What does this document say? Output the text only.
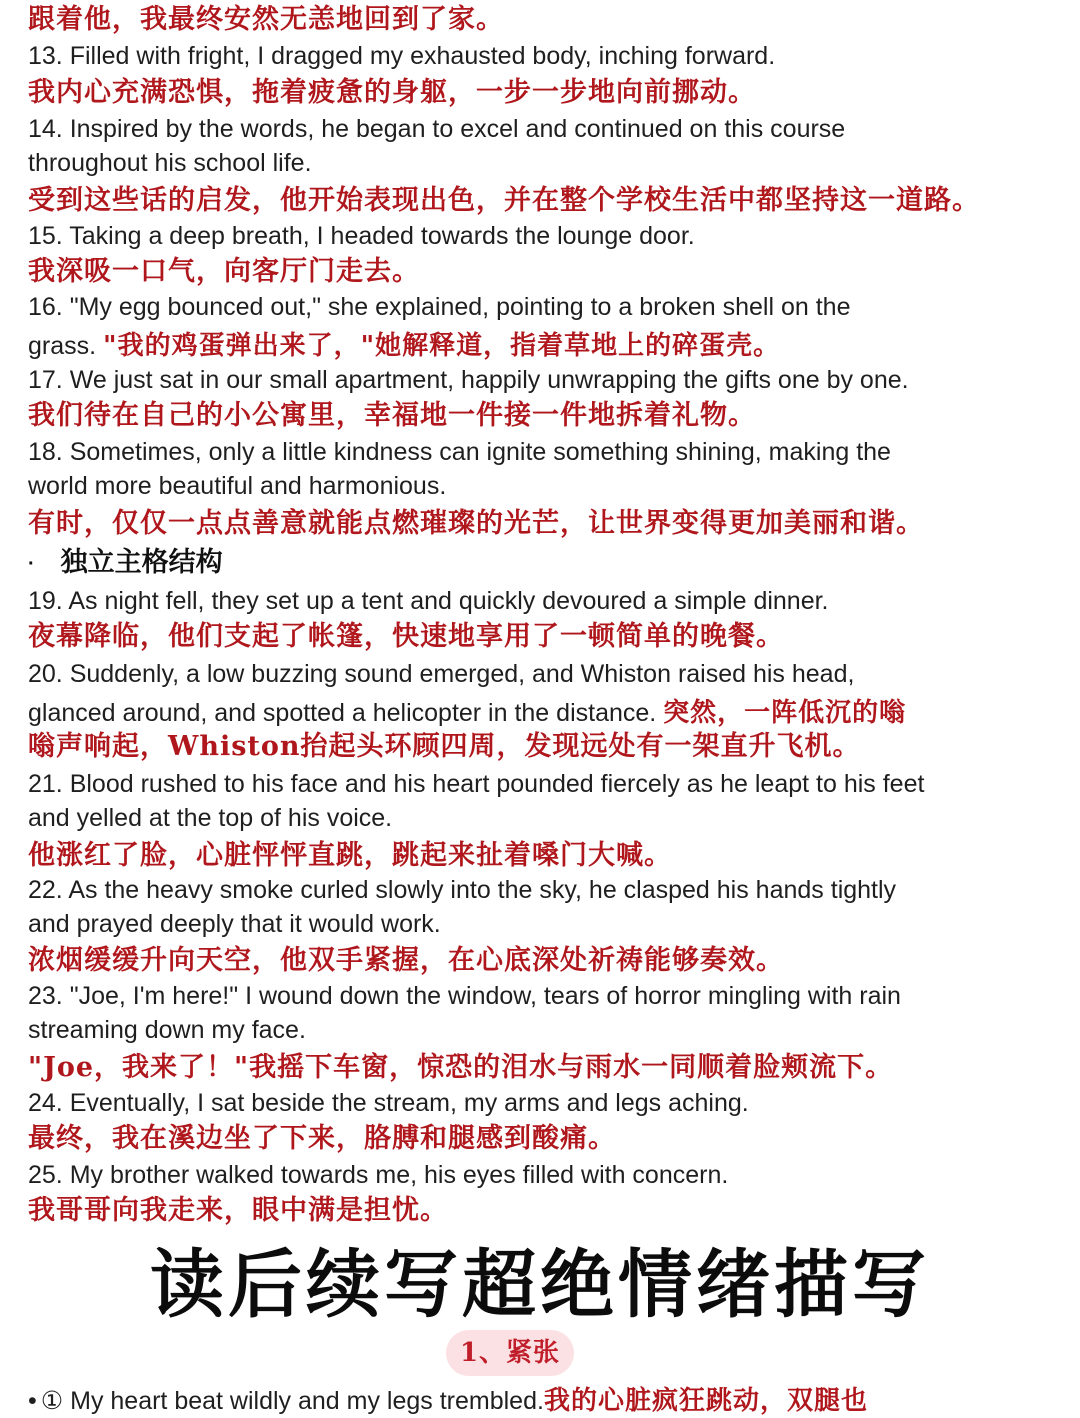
跟着他，我最终安然无恙地回到了家。
13. Filled with fright, I dragged my exhausted body, inching forward.
我内心充满恐惧，拖着疲惫的身躯，一步一步地向前挪动。
14. Inspired by the words, he began to excel and continued on this course
throughout his school life.
受到这些话的启发，他开始表现出色，并在整个学校生活中都坚持这一道路。
15. Taking a deep breath, I headed towards the lounge door.
我深吸一口气，向客厅门走去。
16. "My egg bounced out," she explained, pointing to a broken shell on the
grass. "我的鸡蛋弹出来了，"她解释道，指着草地上的碎蛋壳。
17. We just sat in our small apartment, happily unwrapping the gifts one by one.
我们待在自己的小公寓里，幸福地一件接一件地拆着礼物。
18. Sometimes, only a little kindness can ignite something shining, making the
world more beautiful and harmonious.
有时，仅仅一点点善意就能点燃璀璨的光芒，让世界变得更加美丽和谐。
· 独立主格结构
19. As night fell, they set up a tent and quickly devoured a simple dinner.
夜幕降临，他们支起了帐篷，快速地享用了一顿简单的晚餐。
20. Suddenly, a low buzzing sound emerged, and Whiston raised his head,
glanced around, and spotted a helicopter in the distance. 突然，一阵低沉的嗡
嗡声响起，Whiston抬起头环顾四周，发现远处有一架直升飞机。
21. Blood rushed to his face and his heart pounded fiercely as he leapt to his feet
and yelled at the top of his voice.
他涨红了脸，心脏怦怦直跳，跳起来扯着嗓门大喊。
22. As the heavy smoke curled slowly into the sky, he clasped his hands tightly
and prayed deeply that it would work.
浓烟缓缓升向天空，他双手紧握，在心底深处祈祷能够奏效。
23. "Joe, I'm here!" I wound down the window, tears of horror mingling with rain
streaming down my face.
"Joe，我来了！"我摇下车窗，惊恐的泪水与雨水一同顺着脸颊流下。
24. Eventually, I sat beside the stream, my arms and legs aching.
最终，我在溪边坐了下来，胳膊和腿感到酸痛。
25. My brother walked towards me, his eyes filled with concern.
我哥哥向我走来，眼中满是担忧。
读后续写超绝情绪描写
1、紧张
• ① My heart beat wildly and my legs trembled.我的心脏疯狂跳动，双腿也
